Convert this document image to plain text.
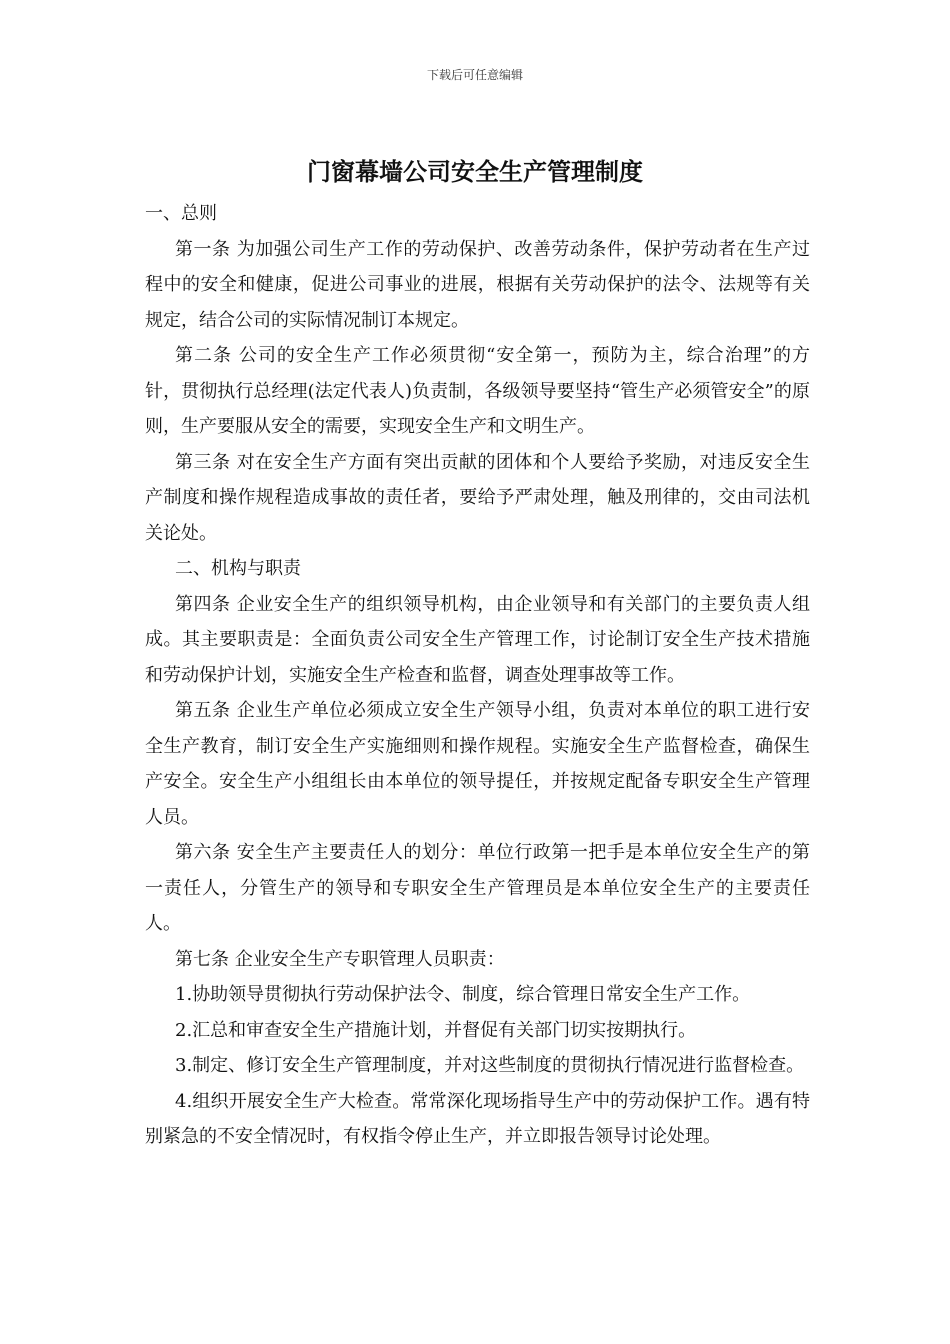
下载后可任意编辑
门窗幕墙公司安全生产管理制度

一、总则

第一条 为加强公司生产工作的劳动保护、改善劳动条件，保护劳动者在生产过程中的安全和健康，促进公司事业的进展，根据有关劳动保护的法令、法规等有关规定，结合公司的实际情况制订本规定。

第二条 公司的安全生产工作必须贯彻“安全第一，预防为主，综合治理”的方针，贯彻执行总经理(法定代表人)负责制，各级领导要坚持“管生产必须管安全”的原则，生产要服从安全的需要，实现安全生产和文明生产。

第三条 对在安全生产方面有突出贡献的团体和个人要给予奖励，对违反安全生产制度和操作规程造成事故的责任者，要给予严肃处理，触及刑律的，交由司法机关论处。

二、机构与职责

第四条 企业安全生产的组织领导机构，由企业领导和有关部门的主要负责人组成。其主要职责是：全面负责公司安全生产管理工作，讨论制订安全生产技术措施和劳动保护计划，实施安全生产检查和监督，调查处理事故等工作。

第五条 企业生产单位必须成立安全生产领导小组，负责对本单位的职工进行安全生产教育，制订安全生产实施细则和操作规程。实施安全生产监督检查，确保生产安全。安全生产小组组长由本单位的领导提任，并按规定配备专职安全生产管理人员。

第六条 安全生产主要责任人的划分：单位行政第一把手是本单位安全生产的第一责任人，分管生产的领导和专职安全生产管理员是本单位安全生产的主要责任人。

第七条 企业安全生产专职管理人员职责：

1.协助领导贯彻执行劳动保护法令、制度，综合管理日常安全生产工作。

2.汇总和审查安全生产措施计划，并督促有关部门切实按期执行。

3.制定、修订安全生产管理制度，并对这些制度的贯彻执行情况进行监督检查。

4.组织开展安全生产大检查。常常深化现场指导生产中的劳动保护工作。遇有特别紧急的不安全情况时，有权指令停止生产，并立即报告领导讨论处理。
